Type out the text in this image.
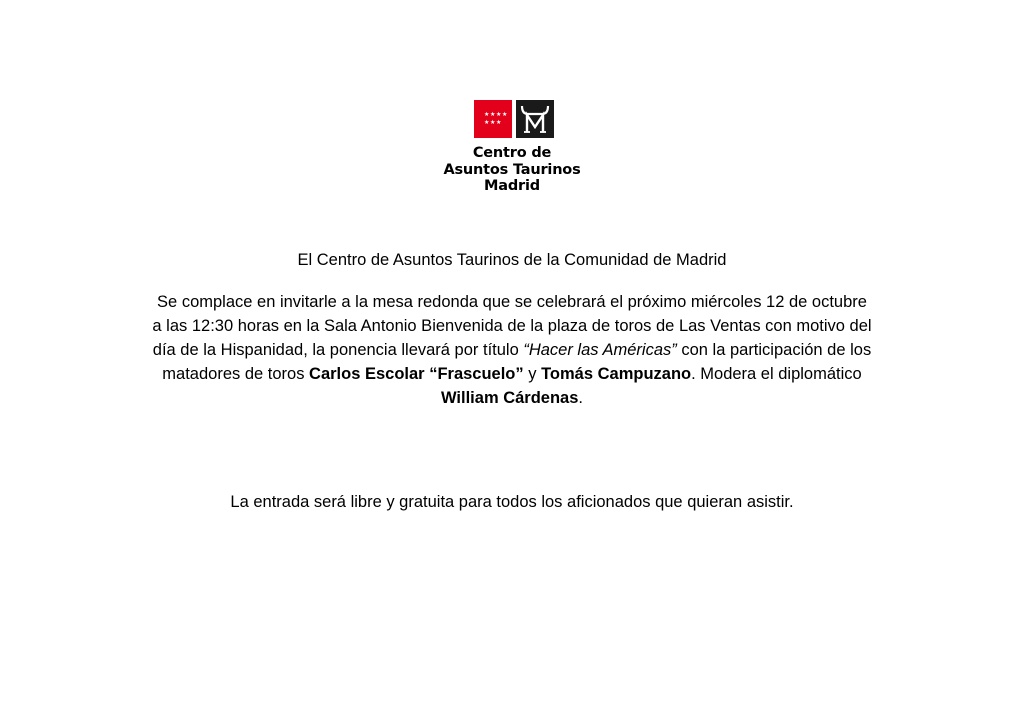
★ ★ ★ ★
★ ★ ★
Centro de
Asuntos Taurinos
Madrid
El Centro de Asuntos Taurinos de la Comunidad de Madrid
Se complace en invitarle a la mesa redonda que se celebrará el próximo miércoles 12 de octubre
a las 12:30 horas en la Sala Antonio Bienvenida de la plaza de toros de Las Ventas con motivo del
día de la Hispanidad, la ponencia llevará por título “Hacer las Américas” con la participación de los
matadores de toros Carlos Escolar “Frascuelo” y Tomás Campuzano. Modera el diplomático
William Cárdenas.
La entrada será libre y gratuita para todos los aficionados que quieran asistir.
